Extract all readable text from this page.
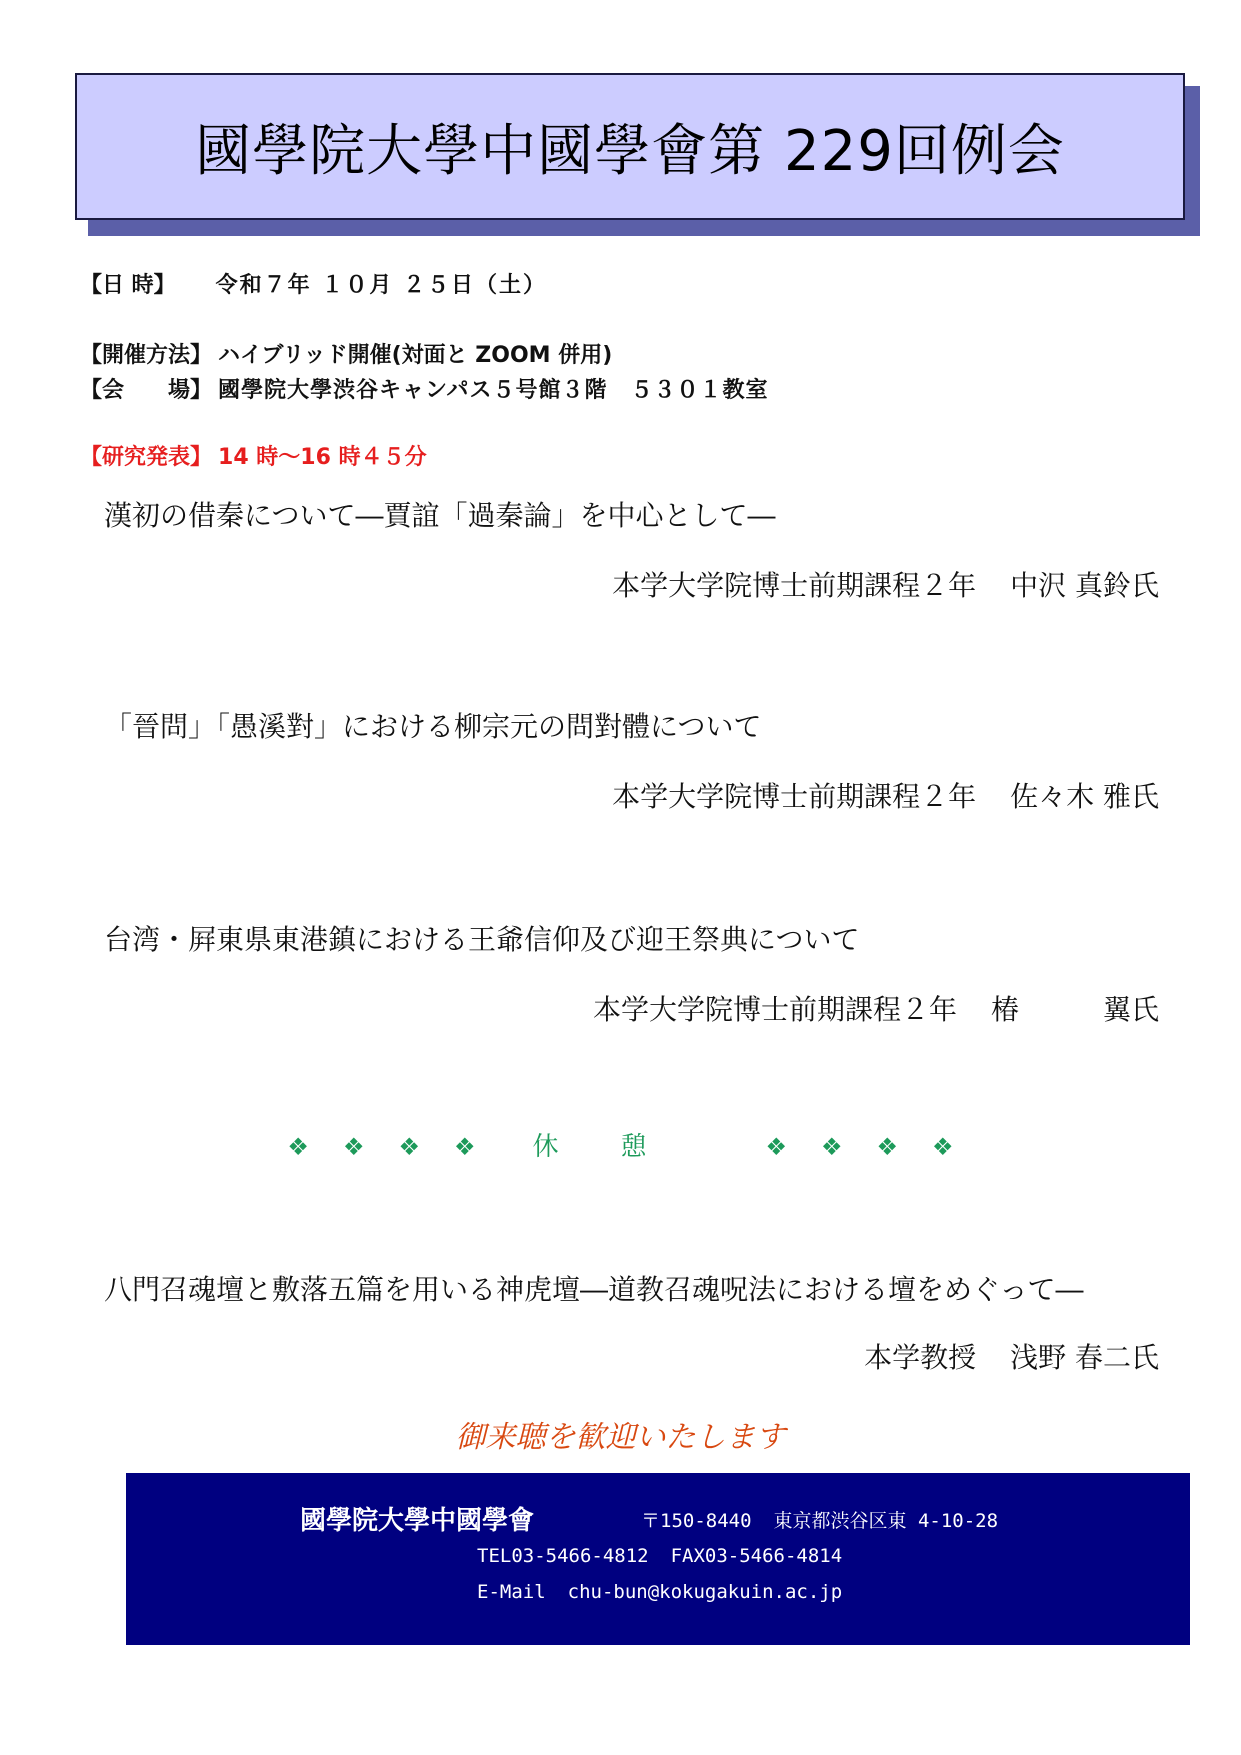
國學院大學中國學會第 229回例会
【日 時】 令和７年 １０月 ２５日（土）
【開催方法】 ハイブリッド開催(対面と ZOOM 併用)
【会　　場】 國學院大學渋谷キャンパス５号館３階　５３０１教室
【研究発表】 14 時～16 時４５分
漢初の借秦について―賈誼「過秦論」を中心として―
本学大学院博士前期課程２年 中沢 真鈴氏
「晉問」「愚溪對」における柳宗元の問對體について
本学大学院博士前期課程２年 佐々木 雅氏
台湾・屛東県東港鎮における王爺信仰及び迎王祭典について
本学大学院博士前期課程２年 椿　　　翼氏
❖ ❖ ❖ ❖ 休憩 ❖ ❖ ❖ ❖
八門召魂壇と敷落五篇を用いる神虎壇―道教召魂呪法における壇をめぐって―
本学教授 浅野 春二氏
御来聴を歓迎いたします
國學院大學中國學會	〒150-8440 東京都渋谷区東 4-10-28
TEL03-5466-4812 FAX03-5466-4814
E-Mail chu-bun@kokugakuin.ac.jp
